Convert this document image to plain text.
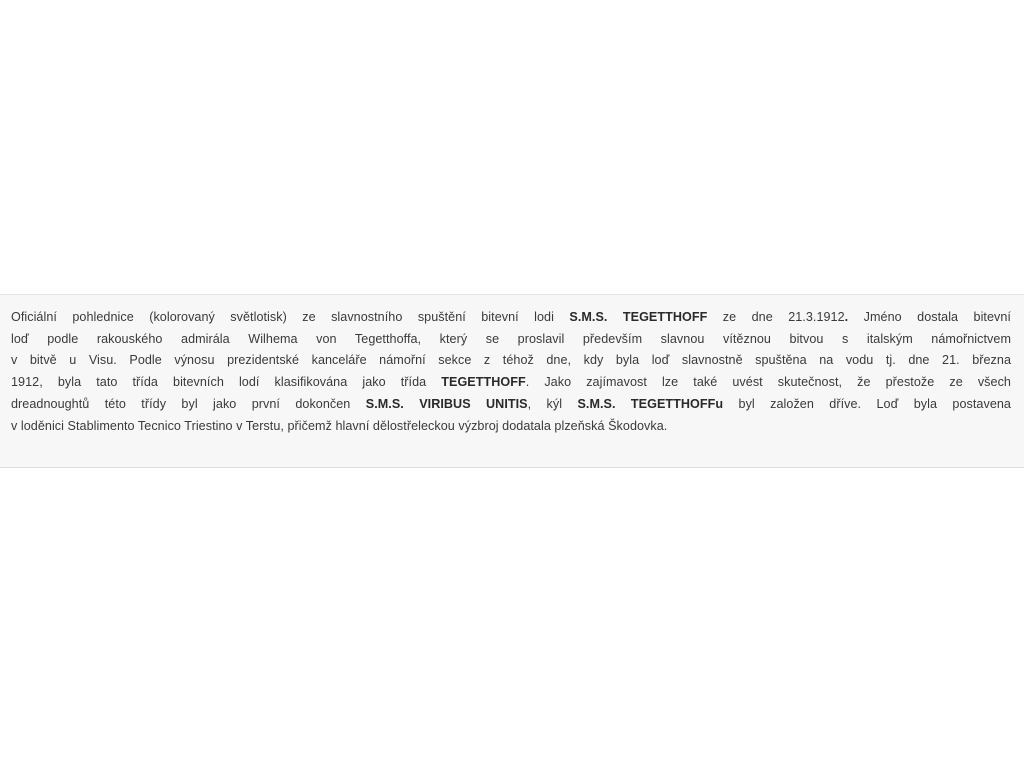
Oficiální pohlednice (kolorovaný světlotisk) ze slavnostního spuštění bitevní lodi S.M.S. TEGETTHOFF ze dne 21.3.1912. Jméno dostala bitevní
loď podle rakouského admirála Wilhema von Tegetthoffa, který se proslavil především slavnou vítěznou bitvou s italským námořnictvem
v bitvě u Visu. Podle výnosu prezidentské kanceláře námořní sekce z téhož dne, kdy byla loď slavnostně spuštěna na vodu tj. dne 21. března
1912, byla tato třída bitevních lodí klasifikována jako třída TEGETTHOFF. Jako zajímavost lze také uvést skutečnost, že přestože ze všech
dreadnoughtů této třídy byl jako první dokončen S.M.S. VIRIBUS UNITIS, kýl S.M.S. TEGETTHOFFu byl založen dříve. Loď byla postavena
v loděnici Stablimento Tecnico Triestino v Terstu, přičemž hlavní dělostřeleckou výzbroj dodatala plzeňská Škodovka.
